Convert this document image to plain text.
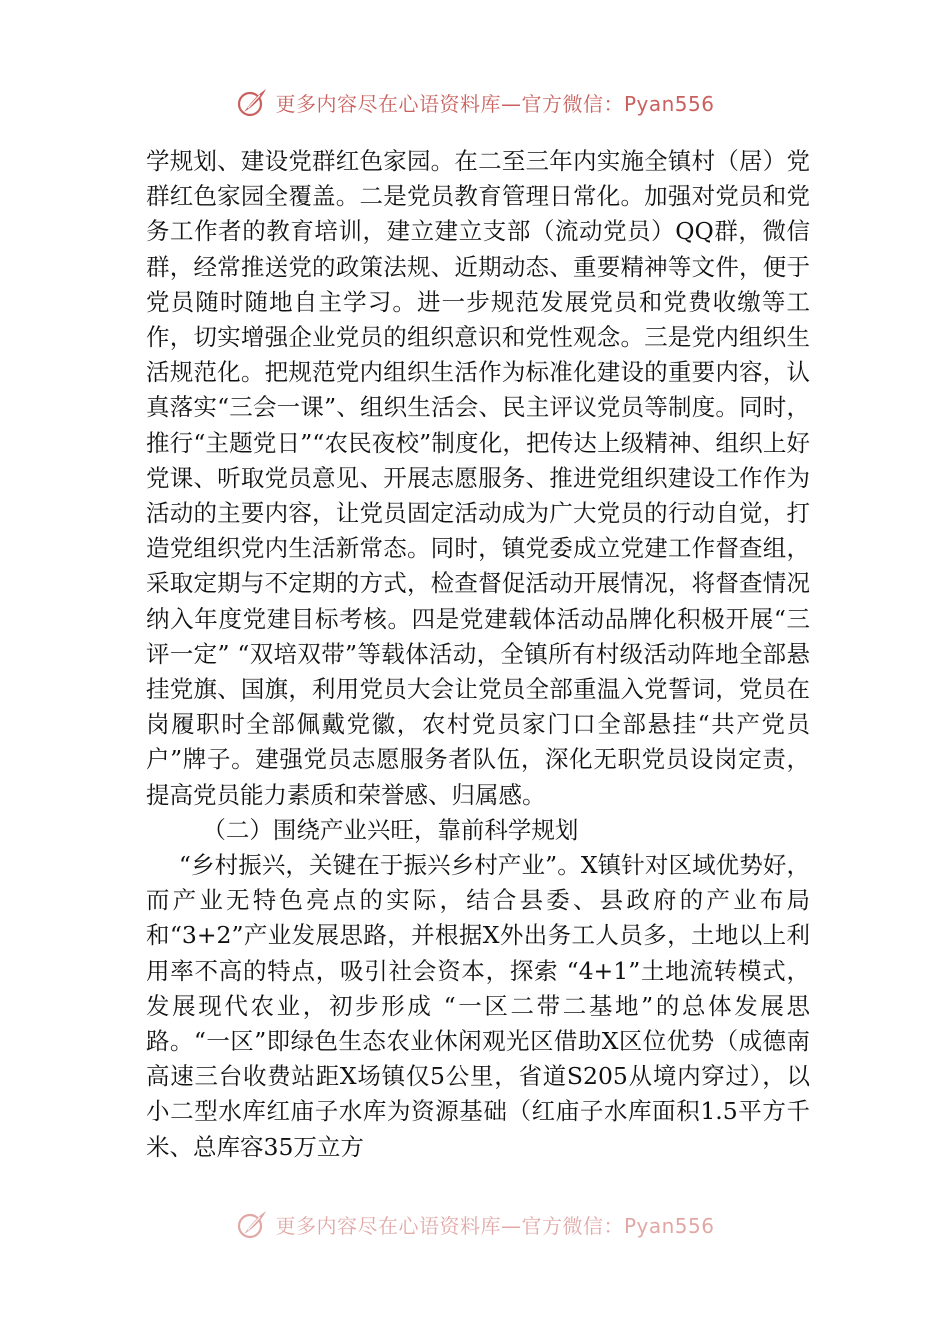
更多内容尽在心语资料库—官方微信：Pyan556

学规划、建设党群红色家园。在二至三年内实施全镇村（居）党群红色家园全覆盖。二是党员教育管理日常化。加强对党员和党务工作者的教育培训，建立建立支部（流动党员）QQ群，微信群，经常推送党的政策法规、近期动态、重要精神等文件，便于党员随时随地自主学习。进一步规范发展党员和党费收缴等工作，切实增强企业党员的组织意识和党性观念。三是党内组织生活规范化。把规范党内组织生活作为标准化建设的重要内容，认真落实“三会一课”、组织生活会、民主评议党员等制度。同时，推行“主题党日”“农民夜校”制度化，把传达上级精神、组织上好党课、听取党员意见、开展志愿服务、推进党组织建设工作作为活动的主要内容，让党员固定活动成为广大党员的行动自觉，打造党组织党内生活新常态。同时，镇党委成立党建工作督查组，采取定期与不定期的方式，检查督促活动开展情况，将督查情况纳入年度党建目标考核。四是党建载体活动品牌化积极开展“三评一定” “双培双带”等载体活动，全镇所有村级活动阵地全部悬挂党旗、国旗，利用党员大会让党员全部重温入党誓词，党员在岗履职时全部佩戴党徽，农村党员家门口全部悬挂“共产党员户”牌子。建强党员志愿服务者队伍，深化无职党员设岗定责，提高党员能力素质和荣誉感、归属感。

（二）围绕产业兴旺，靠前科学规划

“乡村振兴，关键在于振兴乡村产业”。X镇针对区域优势好，而产业无特色亮点的实际，结合县委、县政府的产业布局和“3+2”产业发展思路，并根据X外出务工人员多，土地以上利用率不高的特点，吸引社会资本，探索 “4+1”土地流转模式，发展现代农业，初步形成 “一区二带二基地”的总体发展思路。“一区”即绿色生态农业休闲观光区借助X区位优势（成德南高速三台收费站距X场镇仅5公里，省道S205从境内穿过），以小二型水库红庙子水库为资源基础（红庙子水库面积1.5平方千米、总库容35万立方

更多内容尽在心语资料库—官方微信：Pyan556
